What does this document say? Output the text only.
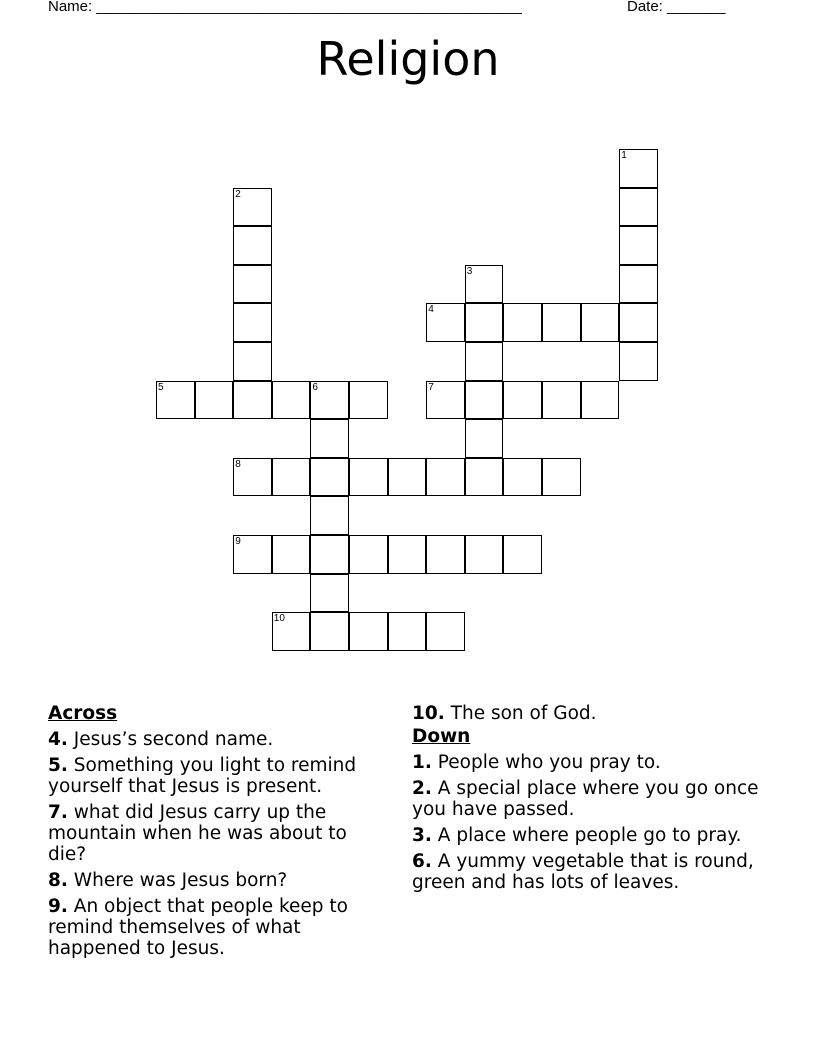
Name: ___________________________________________________	Date: _______
Religion
1
2
3
4
5	6	7
8
9
10
Across
4. Jesus’s second name.
5. Something you light to remind yourself that Jesus is present.
7. what did Jesus carry up the mountain when he was about to die?
8. Where was Jesus born?
9. An object that people keep to remind themselves of what happened to Jesus.
10. The son of God.
Down
1. People who you pray to.
2. A special place where you go once you have passed.
3. A place where people go to pray.
6. A yummy vegetable that is round, green and has lots of leaves.
